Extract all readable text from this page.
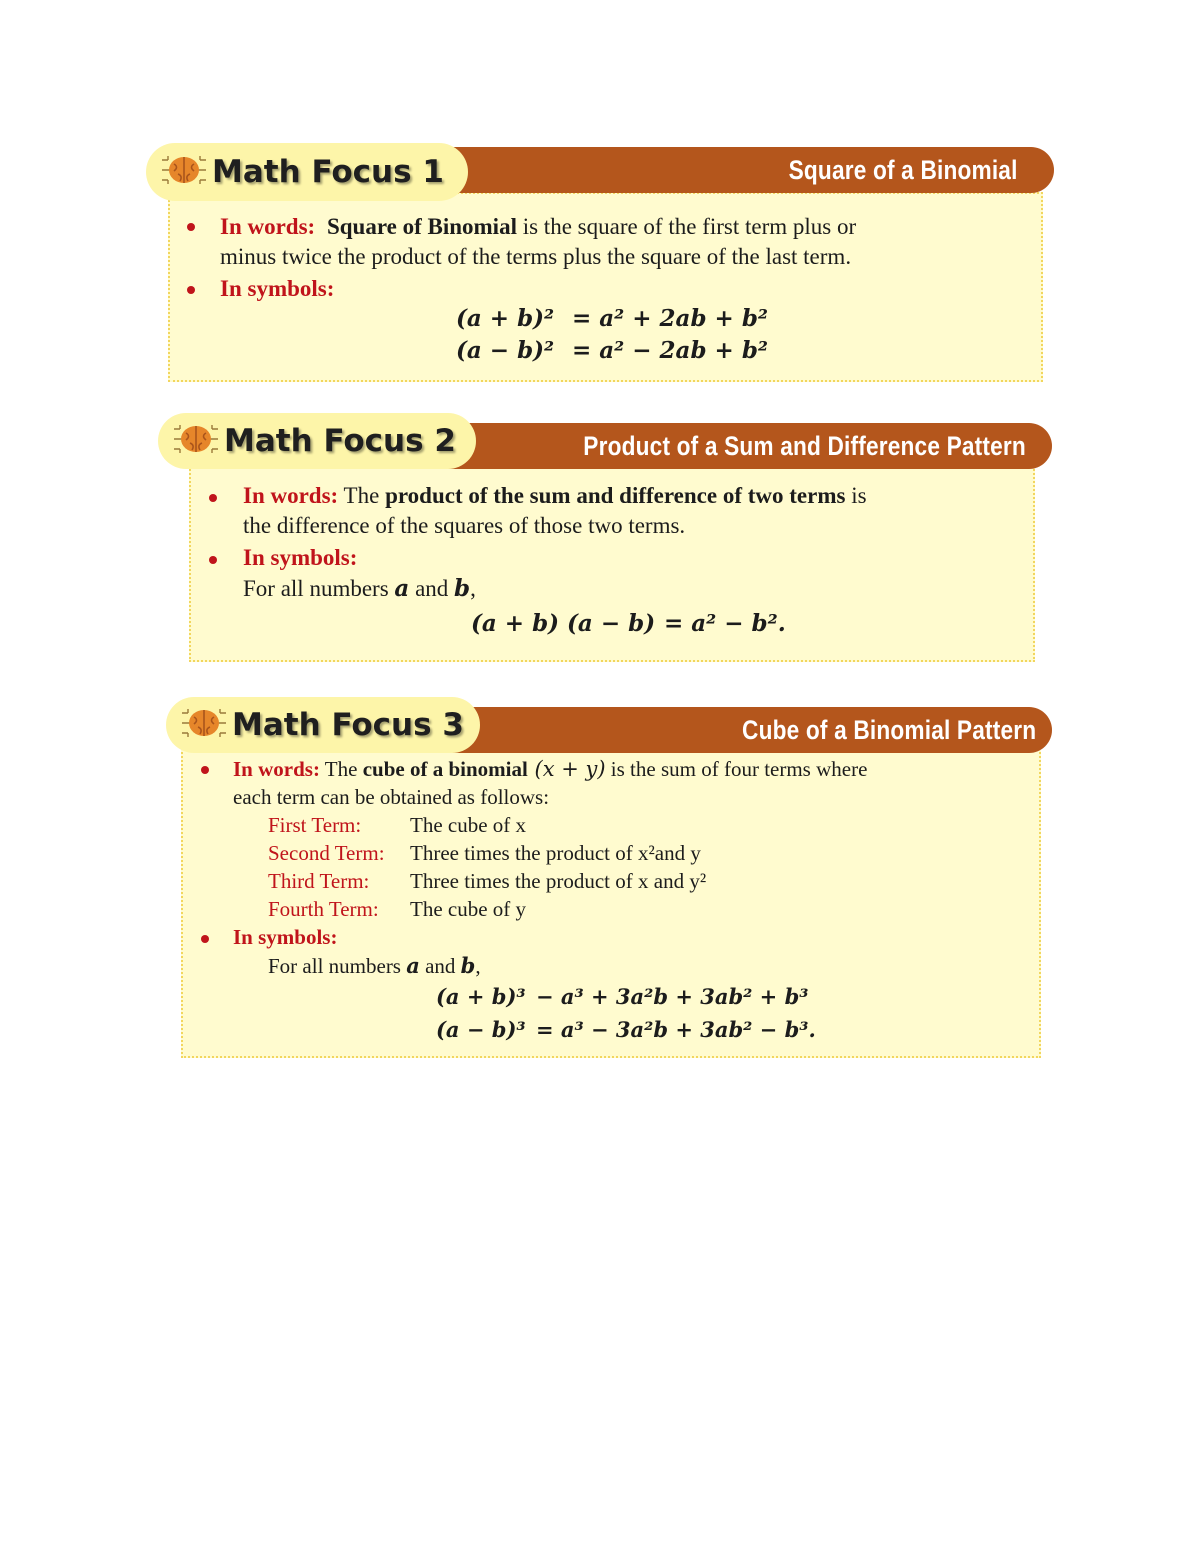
Square of a Binomial
Math Focus 1
In words: Square of Binomial is the square of the first term plus or
minus twice the product of the terms plus the square of the last term.
In symbols:
(a + b)² = a² + 2ab + b²
(a − b)² = a² − 2ab + b²
Product of a Sum and Difference Pattern
Math Focus 2
In words: The product of the sum and difference of two terms is
the difference of the squares of those two terms.
In symbols:
For all numbers a and b,
(a + b) (a − b) = a² − b².
Cube of a Binomial Pattern
Math Focus 3
In words: The cube of a binomial (x + y) is the sum of four terms where
each term can be obtained as follows:
First Term: The cube of x
Second Term: Three times the product of x²and y
Third Term: Three times the product of x and y²
Fourth Term: The cube of y
In symbols:
For all numbers a and b,
(a + b)³ − a³ + 3a²b + 3ab² + b³
(a − b)³ = a³ − 3a²b + 3ab² − b³.
